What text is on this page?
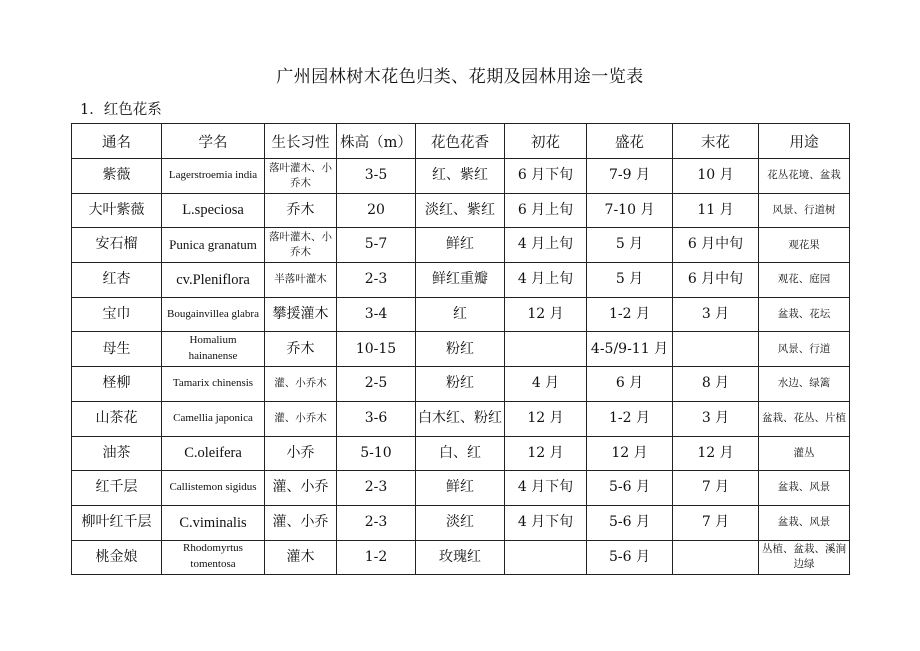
广州园林树木花色归类、花期及园林用途一览表
1．红色花系
通名	学名	生长习性	株高（m）	花色花香	初花	盛花	末花	用途
紫薇	Lagerstroemia india	落叶灌木、小乔木	3-5	红、紫红	6 月下旬	7-9 月	10 月	花丛花境、盆栽
大叶紫薇	L.speciosa	乔木	20	淡红、紫红	6 月上旬	7-10 月	11 月	风景、行道树
安石榴	Punica granatum	落叶灌木、小乔木	5-7	鲜红	4 月上旬	5 月	6 月中旬	观花果
红杏	cv.Pleniflora	半落叶灌木	2-3	鲜红重瓣	4 月上旬	5 月	6 月中旬	观花、庭园
宝巾	Bougainvillea glabra	攀援灌木	3-4	红	12 月	1-2 月	3 月	盆栽、花坛
母生	Homalium hainanense	乔木	10-15	粉红		4-5/9-11 月		风景、行道
柽柳	Tamarix chinensis	灌、小乔木	2-5	粉红	4 月	6 月	8 月	水边、绿篱
山茶花	Camellia japonica	灌、小乔木	3-6	白木红、粉红	12 月	1-2 月	3 月	盆栽、花丛、片植
油茶	C.oleifera	小乔	5-10	白、红	12 月	12 月	12 月	灌丛
红千层	Callistemon sigidus	灌、小乔	2-3	鲜红	4 月下旬	5-6 月	7 月	盆栽、风景
柳叶红千层	C.viminalis	灌、小乔	2-3	淡红	4 月下旬	5-6 月	7 月	盆栽、风景
桃金娘	Rhodomyrtus tomentosa	灌木	1-2	玫瑰红		5-6 月		丛植、盆栽、溪涧边绿
